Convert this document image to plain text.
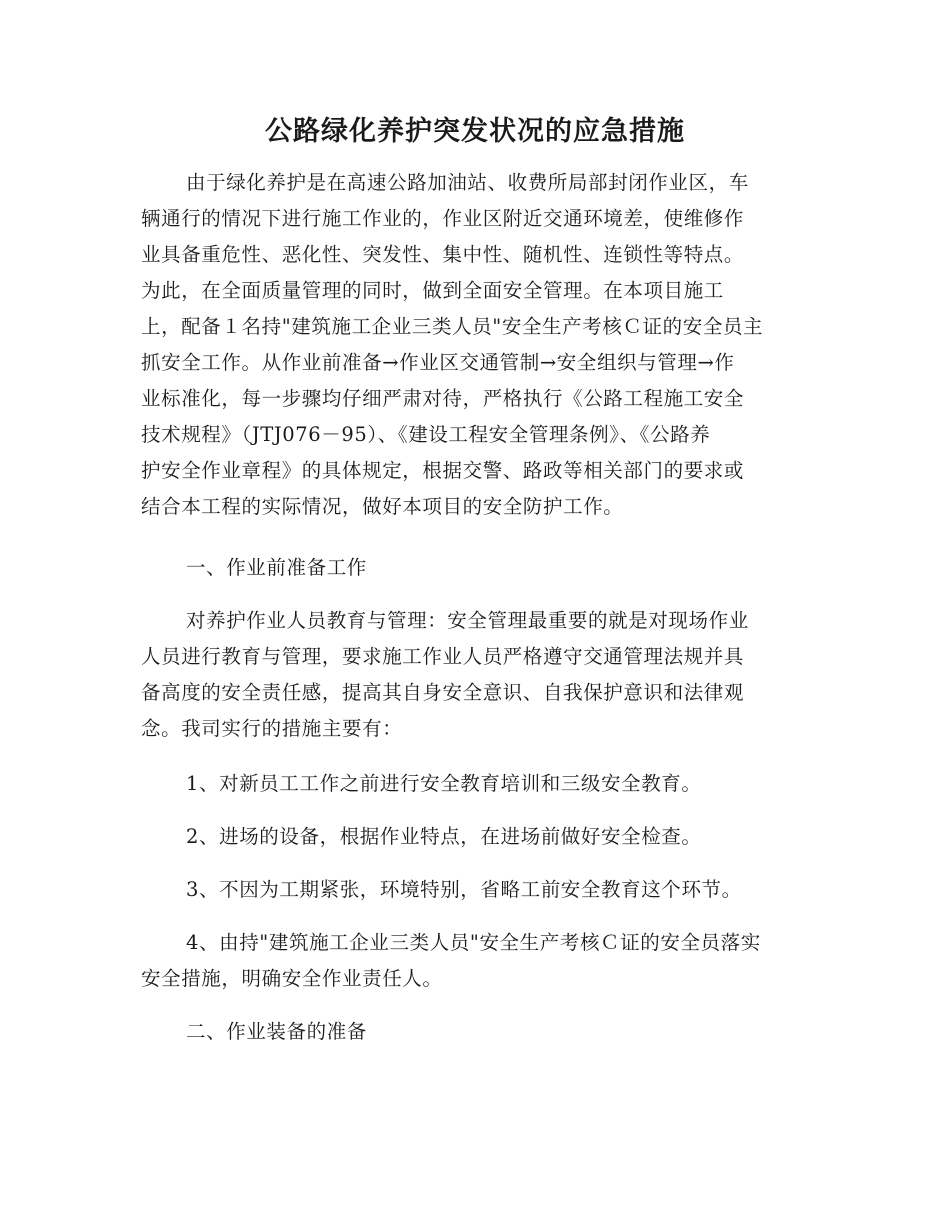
公路绿化养护突发状况的应急措施

由于绿化养护是在高速公路加油站、收费所局部封闭作业区，车

辆通行的情况下进行施工作业的，作业区附近交通环境差，使维修作

业具备重危性、恶化性、突发性、集中性、随机性、连锁性等特点。

为此，在全面质量管理的同时，做到全面安全管理。在本项目施工

上，配备１名持"建筑施工企业三类人员"安全生产考核Ｃ证的安全员主

抓安全工作。从作业前准备→作业区交通管制→安全组织与管理→作

业标准化，每一步骤均仔细严肃对待，严格执行《公路工程施工安全

技术规程》（JTJ076－95）、《建设工程安全管理条例》、《公路养

护安全作业章程》的具体规定，根据交警、路政等相关部门的要求或

结合本工程的实际情况，做好本项目的安全防护工作。

一、作业前准备工作

对养护作业人员教育与管理：安全管理最重要的就是对现场作业

人员进行教育与管理，要求施工作业人员严格遵守交通管理法规并具

备高度的安全责任感，提高其自身安全意识、自我保护意识和法律观

念。我司实行的措施主要有：

1、对新员工工作之前进行安全教育培训和三级安全教育。

2、进场的设备，根据作业特点，在进场前做好安全检查。

3、不因为工期紧张，环境特别，省略工前安全教育这个环节。

4、由持"建筑施工企业三类人员"安全生产考核Ｃ证的安全员落实

安全措施，明确安全作业责任人。

二、作业装备的准备
